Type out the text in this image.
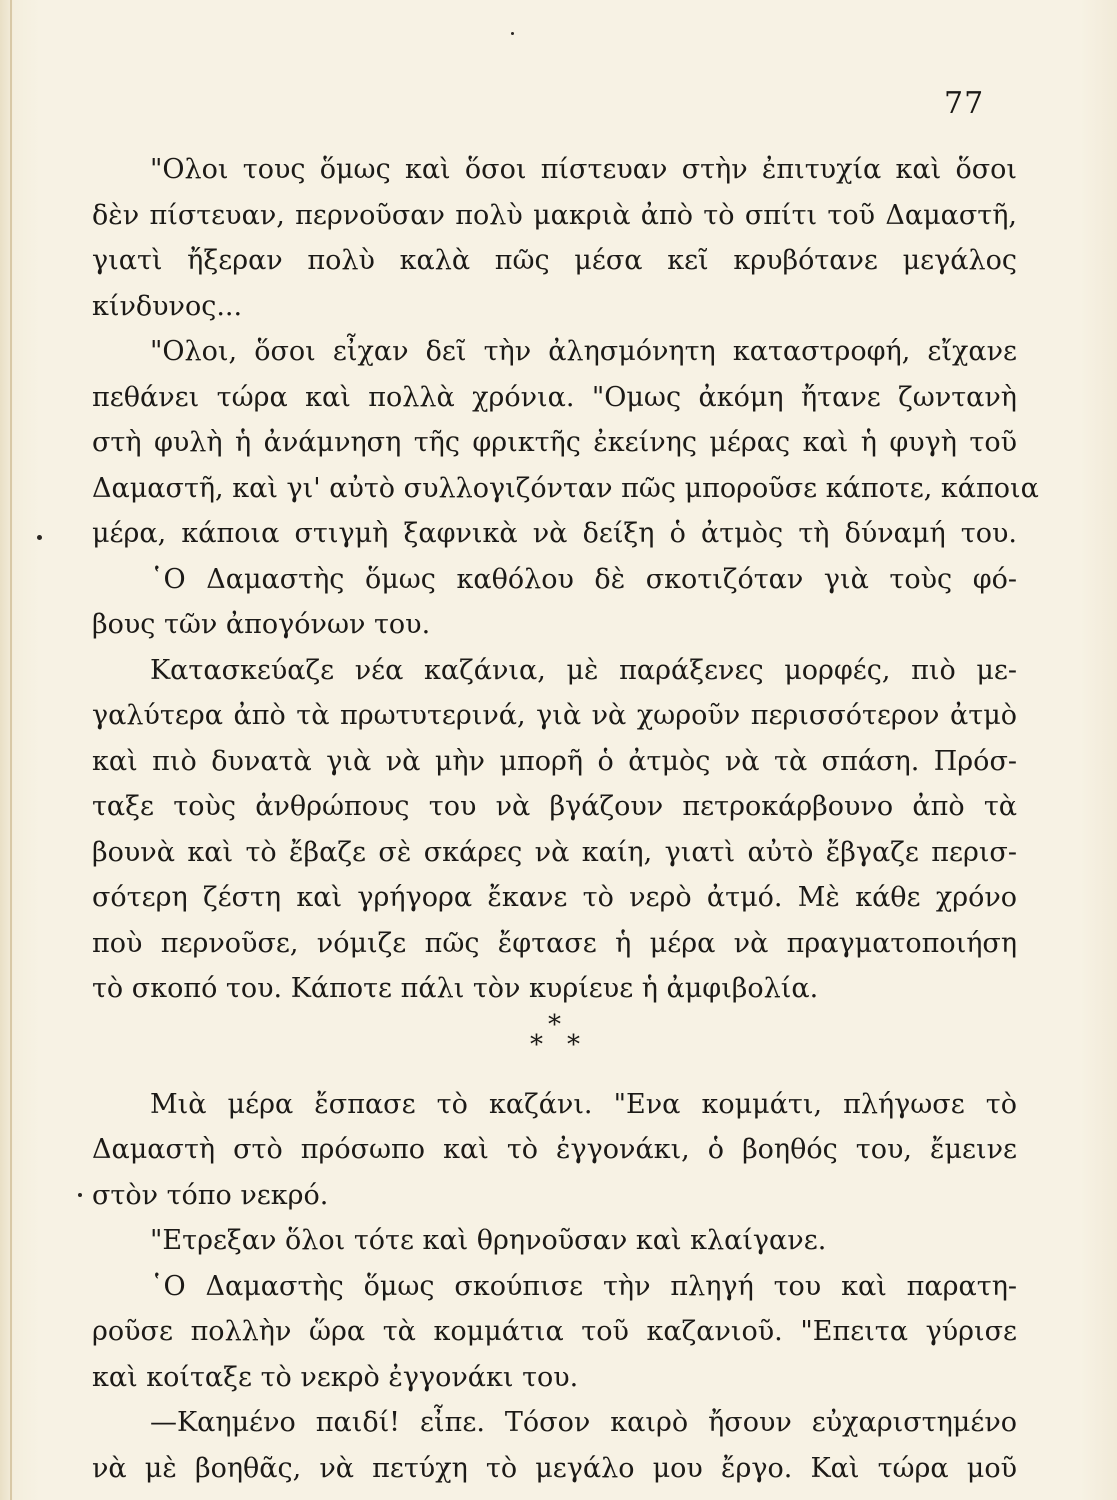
77
"Ολοι τους ὅμως καὶ ὅσοι πίστευαν στὴν ἐπιτυχία καὶ ὅσοι
δὲν πίστευαν, περνοῦσαν πολὺ μακριὰ ἀπὸ τὸ σπίτι τοῦ Δαμαστῆ,
γιατὶ ἤξεραν πολὺ καλὰ πῶς μέσα κεῖ κρυβότανε μεγάλος
κίνδυνος...
"Ολοι, ὅσοι εἶχαν δεῖ τὴν ἀλησμόνητη καταστροφή, εἴχανε
πεθάνει τώρα καὶ πολλὰ χρόνια. "Ομως ἀκόμη ἤτανε ζωντανὴ
στὴ φυλὴ ἡ ἀνάμνηση τῆς φρικτῆς ἐκείνης μέρας καὶ ἡ φυγὴ τοῦ
Δαμαστῆ, καὶ γι' αὐτὸ συλλογιζόνταν πῶς μποροῦσε κάποτε, κάποια
μέρα, κάποια στιγμὴ ξαφνικὰ νὰ δείξη ὁ ἀτμὸς τὴ δύναμή του.
῾Ο Δαμαστὴς ὅμως καθόλου δὲ σκοτιζόταν γιὰ τοὺς φό-
βους τῶν ἀπογόνων του.
Κατασκεύαζε νέα καζάνια, μὲ παράξενες μορφές, πιὸ με-
γαλύτερα ἀπὸ τὰ πρωτυτερινά, γιὰ νὰ χωροῦν περισσότερον ἀτμὸ
καὶ πιὸ δυνατὰ γιὰ νὰ μὴν μπορῆ ὁ ἀτμὸς νὰ τὰ σπάση. Πρόσ-
ταξε τοὺς ἀνθρώπους του νὰ βγάζουν πετροκάρβουνο ἀπὸ τὰ
βουνὰ καὶ τὸ ἔβαζε σὲ σκάρες νὰ καίη, γιατὶ αὐτὸ ἔβγαζε περισ-
σότερη ζέστη καὶ γρήγορα ἔκανε τὸ νερὸ ἀτμό. Μὲ κάθε χρόνο
ποὺ περνοῦσε, νόμιζε πῶς ἔφτασε ἡ μέρα νὰ πραγματοποιήση
τὸ σκοπό του. Κάποτε πάλι τὸν κυρίευε ἡ ἀμφιβολία.
*
* *
Μιὰ μέρα ἔσπασε τὸ καζάνι. "Ενα κομμάτι, πλήγωσε τὸ
Δαμαστὴ στὸ πρόσωπο καὶ τὸ ἐγγονάκι, ὁ βοηθός του, ἔμεινε
στὸν τόπο νεκρό.
"Ετρεξαν ὅλοι τότε καὶ θρηνοῦσαν καὶ κλαίγανε.
῾Ο Δαμαστὴς ὅμως σκούπισε τὴν πληγή του καὶ παρατη-
ροῦσε πολλὴν ὥρα τὰ κομμάτια τοῦ καζανιοῦ. "Επειτα γύρισε
καὶ κοίταξε τὸ νεκρὸ ἐγγονάκι του.
—Καημένο παιδί! εἶπε. Τόσον καιρὸ ἤσουν εὐχαριστημένο
νὰ μὲ βοηθᾶς, νὰ πετύχη τὸ μεγάλο μου ἔργο. Καὶ τώρα μοῦ
